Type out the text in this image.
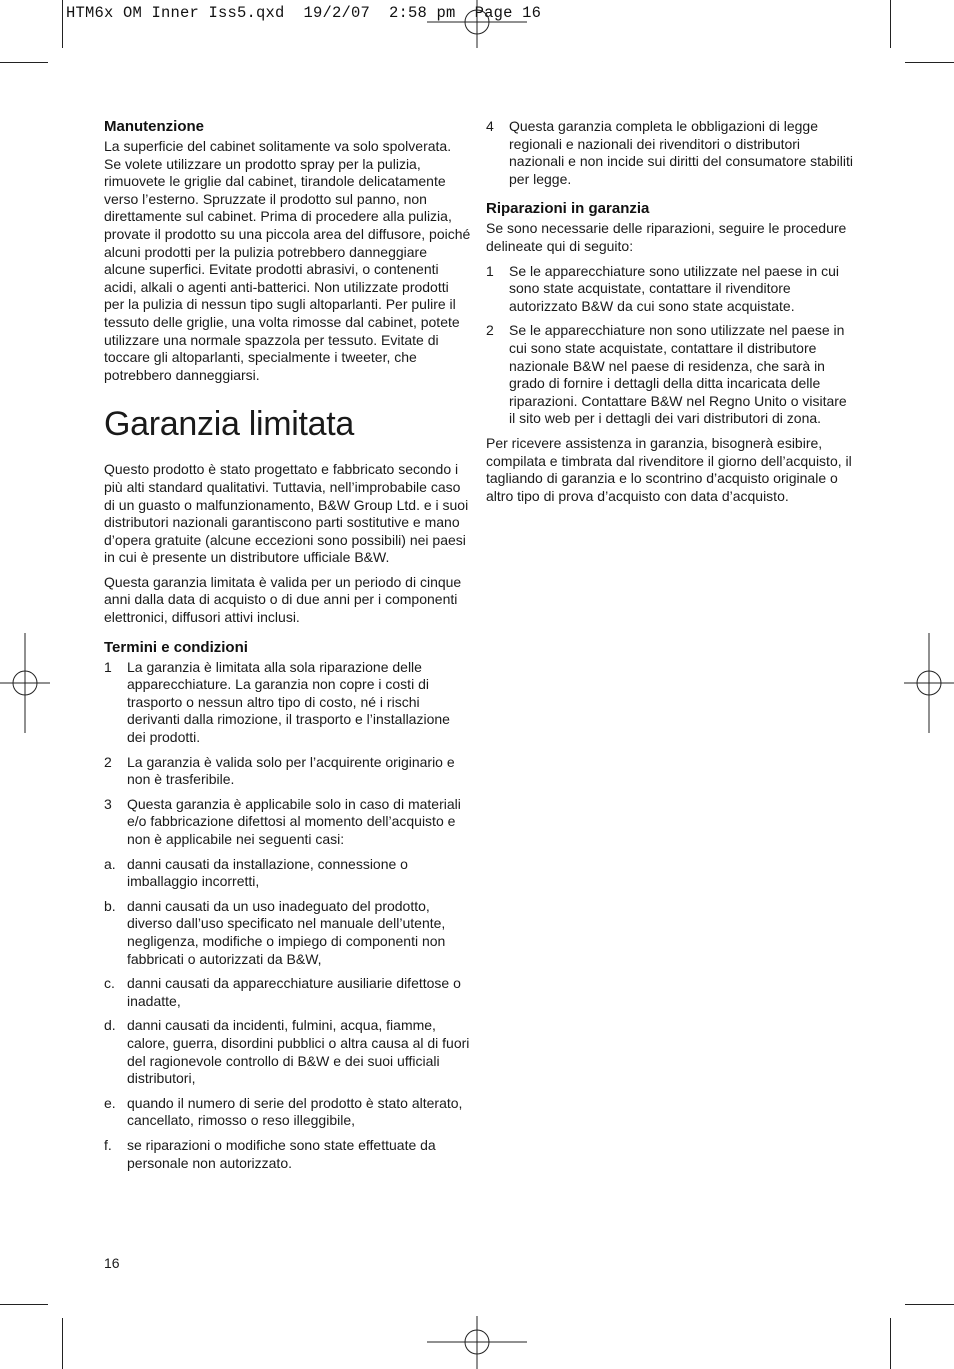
HTM6x OM Inner Iss5.qxd  19/2/07  2:58 pm  Page 16
Manutenzione

La superficie del cabinet solitamente va solo spolverata. Se volete utilizzare un prodotto spray per la pulizia, rimuovete le griglie dal cabinet, tirandole delicatamente verso l’esterno. Spruzzate il prodotto sul panno, non direttamente sul cabinet. Prima di procedere alla pulizia, provate il prodotto su una piccola area del diffusore, poiché alcuni prodotti per la pulizia potrebbero danneggiare alcune superfici. Evitate prodotti abrasivi, o contenenti acidi, alkali o agenti anti-batterici. Non utilizzate prodotti per la pulizia di nessun tipo sugli altoparlanti. Per pulire il tessuto delle griglie, una volta rimosse dal cabinet, potete utilizzare una normale spazzola per tessuto. Evitate di toccare gli altoparlanti, specialmente i tweeter, che potrebbero danneggiarsi.

Garanzia limitata

Questo prodotto è stato progettato e fabbricato secondo i più alti standard qualitativi. Tuttavia, nell’improbabile caso di un guasto o malfunzionamento, B&W Group Ltd. e i suoi distributori nazionali garantiscono parti sostitutive e mano d’opera gratuite (alcune eccezioni sono possibili) nei paesi in cui è presente un distributore ufficiale B&W.

Questa garanzia limitata è valida per un periodo di cinque anni dalla data di acquisto o di due anni per i componenti elettronici, diffusori attivi inclusi.

Termini e condizioni
1	La garanzia è limitata alla sola riparazione delle apparecchiature. La garanzia non copre i costi di trasporto o nessun altro tipo di costo, né i rischi derivanti dalla rimozione, il trasporto e l’installazione dei prodotti.
2	La garanzia è valida solo per l’acquirente originario e non è trasferibile.
3	Questa garanzia è applicabile solo in caso di materiali e/o fabbricazione difettosi al momento dell’acquisto e non è applicabile nei seguenti casi:
a. danni causati da installazione, connessione o imballaggio incorretti,
b. danni causati da un uso inadeguato del prodotto, diverso dall’uso specificato nel manuale dell’utente, negligenza, modifiche o impiego di componenti non fabbricati o autorizzati da B&W,
c. danni causati da apparecchiature ausiliarie difettose o inadatte,
d. danni causati da incidenti, fulmini, acqua, fiamme, calore, guerra, disordini pubblici o altra causa al di fuori del ragionevole controllo di B&W e dei suoi ufficiali distributori,
e. quando il numero di serie del prodotto è stato alterato, cancellato, rimosso o reso illeggibile,
f.	se riparazioni o modifiche sono state effettuate da personale non autorizzato.
4	Questa garanzia completa le obbligazioni di legge regionali e nazionali dei rivenditori o distributori nazionali e non incide sui diritti del consumatore stabiliti per legge.
Riparazioni in garanzia

Se sono necessarie delle riparazioni, seguire le procedure delineate qui di seguito:

1	Se le apparecchiature sono utilizzate nel paese in cui sono state acquistate, contattare il rivenditore autorizzato B&W da cui sono state acquistate.
2	Se le apparecchiature non sono utilizzate nel paese in cui sono state acquistate, contattare il distributore nazionale B&W nel paese di residenza, che sarà in grado di fornire i dettagli della ditta incaricata delle riparazioni. Contattare B&W nel Regno Unito o visitare il sito web per i dettagli dei vari distributori di zona.

Per ricevere assistenza in garanzia, bisognerà esibire, compilata e timbrata dal rivenditore il giorno dell’acquisto, il tagliando di garanzia e lo scontrino d’acquisto originale o altro tipo di prova d’acquisto con data d’acquisto.

16
